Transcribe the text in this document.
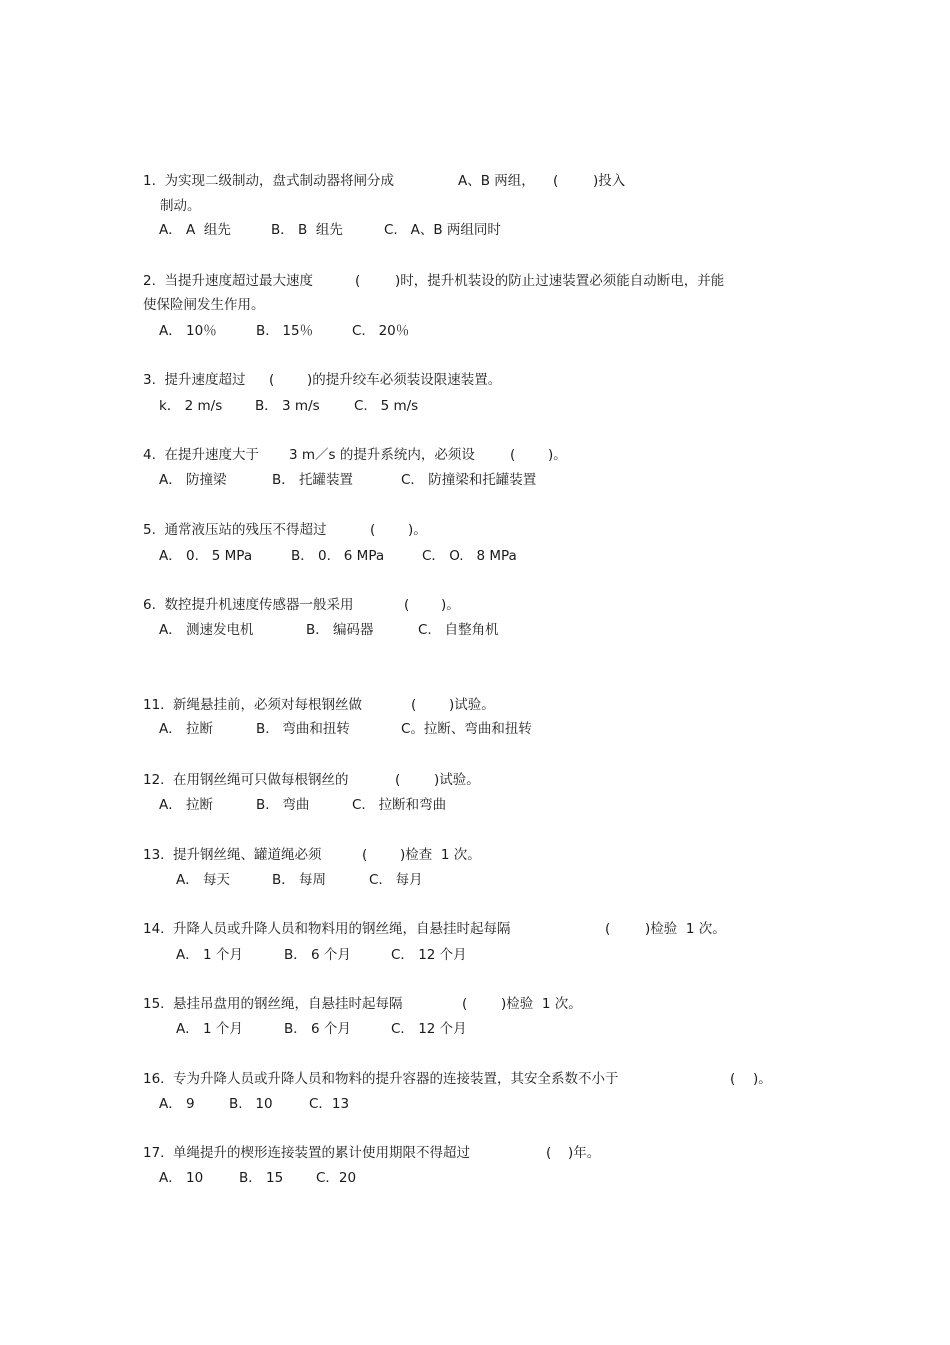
1.  为实现二级制动，盘式制动器将闸分成	A、B 两组， (	)投入
制动。
A． A  组先	B． B  组先	C.   A、B 两组同时
2.  当提升速度超过最大速度	(	)时，提升机装设的防止过速装置必须能自动断电，并能
使保险闸发生作用。
A． 10％	B.   15％	C.   20％
3.  提升速度超过 ( )的提升绞车必须装设限速装置。
k． 2 m/s B． 3 m/s	C.   5 m/s
4.  在提升速度大于 3 m／s 的提升系统内，必须设	( )。
A． 防撞梁	B． 托罐装置	C． 防撞梁和托罐装置
5.  通常液压站的残压不得超过	( )。
A． 0.   5 MPa	B． 0.   6 MPa	C． O.   8 MPa
6.  数控提升机速度传感器一般采用	( )。
A． 测速发电机	B． 编码器	C.   自整角机
11.  新绳悬挂前，必须对每根钢丝做	( )试验。
A． 拉断	B.   弯曲和扭转	C。拉断、弯曲和扭转
12.  在用钢丝绳可只做每根钢丝的	( )试验。
A． 拉断	B.   弯曲	C.   拉断和弯曲
13.  提升钢丝绳、罐道绳必须	( )检查  1 次。
A． 每天	B． 每周	C.   每月
14.  升降人员或升降人员和物料用的钢丝绳，自悬挂时起每隔	(	)检验  1 次。
A． 1 个月	B． 6 个月	C． 12 个月
15.  悬挂吊盘用的钢丝绳，自悬挂时起每隔	( )检验  1 次。
A． 1 个月	B． 6 个月	C． 12 个月
16.  专为升降人员或升降人员和物料的提升容器的连接装置，其安全系数不小于	( )。
A． 9	B.   10	C．13
17.  单绳提升的楔形连接装置的累计使用期限不得超过	( )年。
A． 10	B． 15 C．20
